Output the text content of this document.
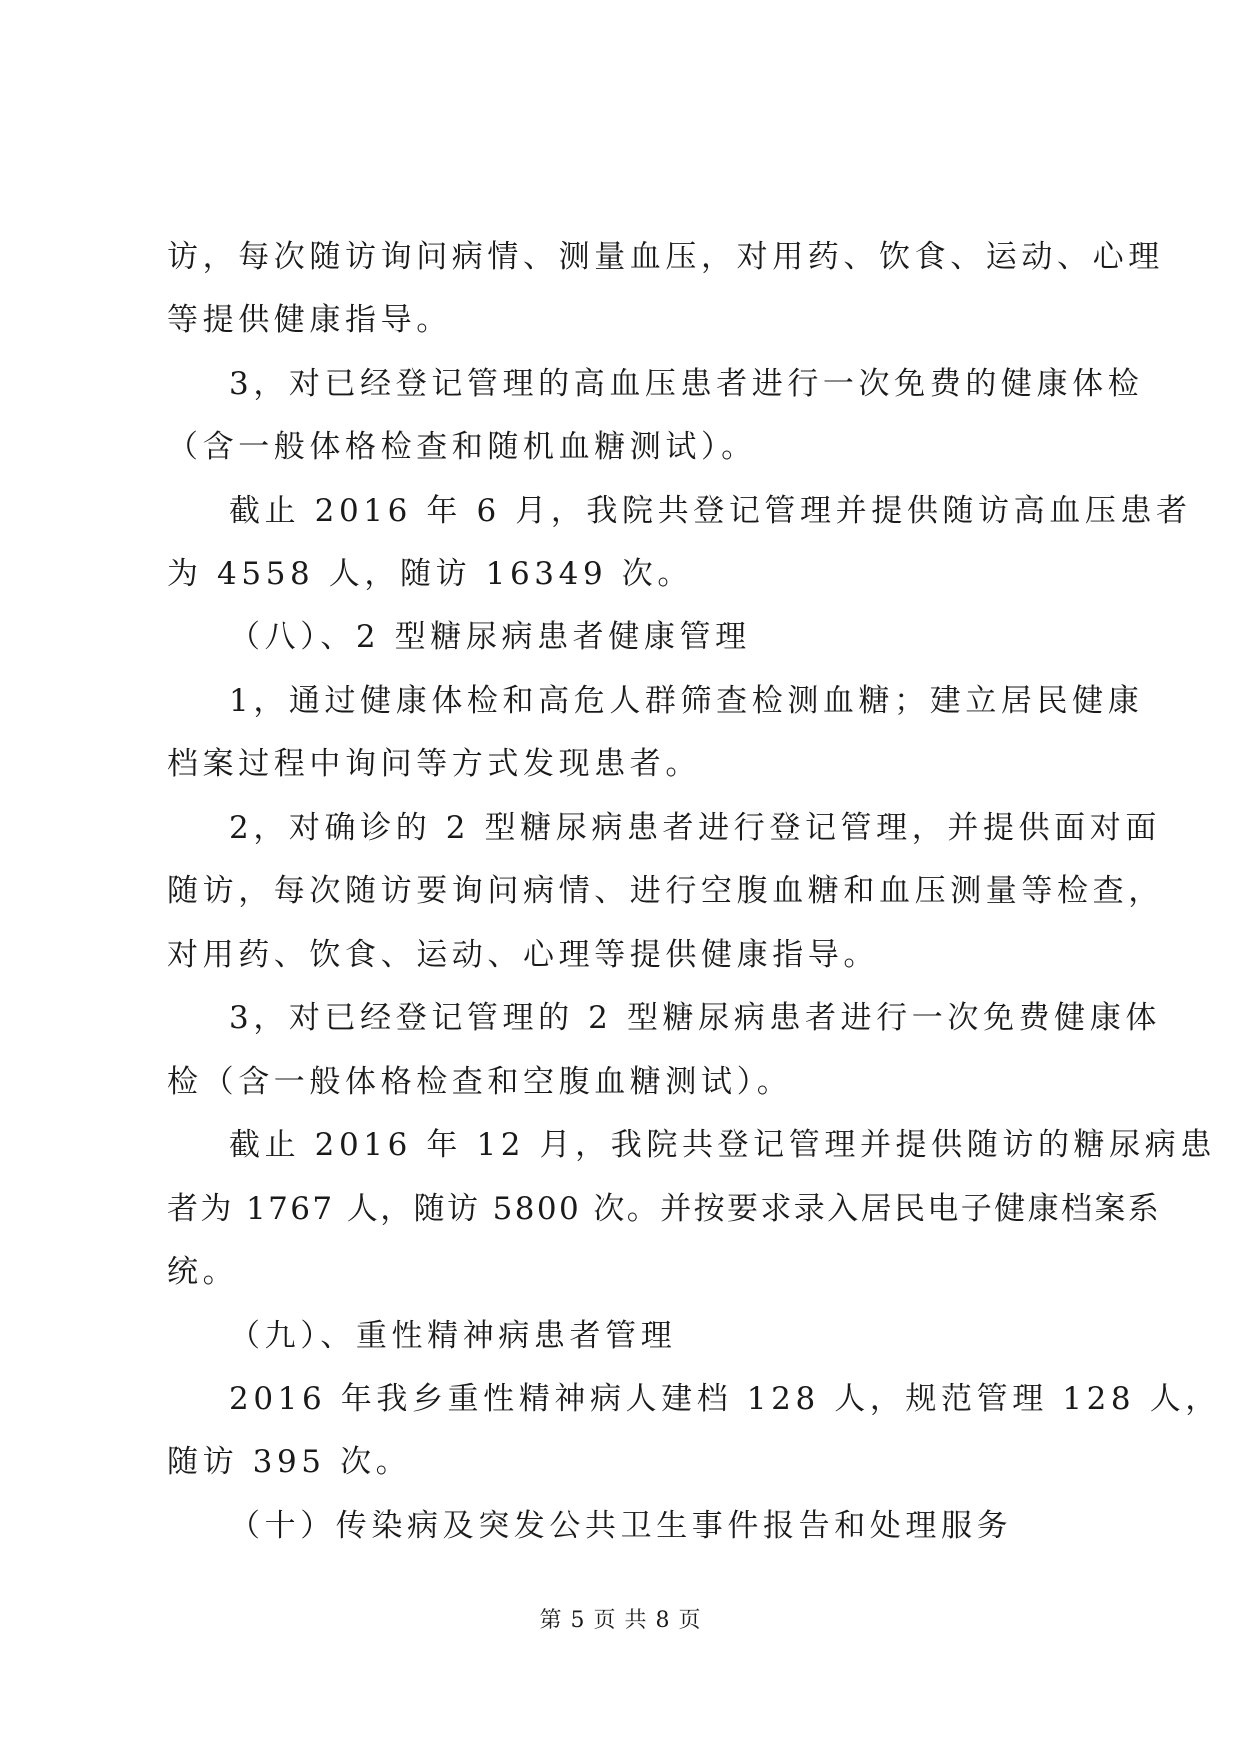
访，每次随访询问病情、测量血压，对用药、饮食、运动、心理
等提供健康指导。
3，对已经登记管理的高血压患者进行一次免费的健康体检
（含一般体格检查和随机血糖测试）。
截止 2016 年 6 月，我院共登记管理并提供随访高血压患者
为 4558 人，随访 16349 次。
（八）、2 型糖尿病患者健康管理
1，通过健康体检和高危人群筛查检测血糖；建立居民健康
档案过程中询问等方式发现患者。
2，对确诊的 2 型糖尿病患者进行登记管理，并提供面对面
随访，每次随访要询问病情、进行空腹血糖和血压测量等检查，
对用药、饮食、运动、心理等提供健康指导。
3，对已经登记管理的 2 型糖尿病患者进行一次免费健康体
检（含一般体格检查和空腹血糖测试）。
截止 2016 年 12 月，我院共登记管理并提供随访的糖尿病患
者为 1767 人，随访 5800 次。并按要求录入居民电子健康档案系
统。
（九）、重性精神病患者管理
2016 年我乡重性精神病人建档 128 人，规范管理 128 人，
随访 395 次。
（十）传染病及突发公共卫生事件报告和处理服务
第 5 页 共 8 页
